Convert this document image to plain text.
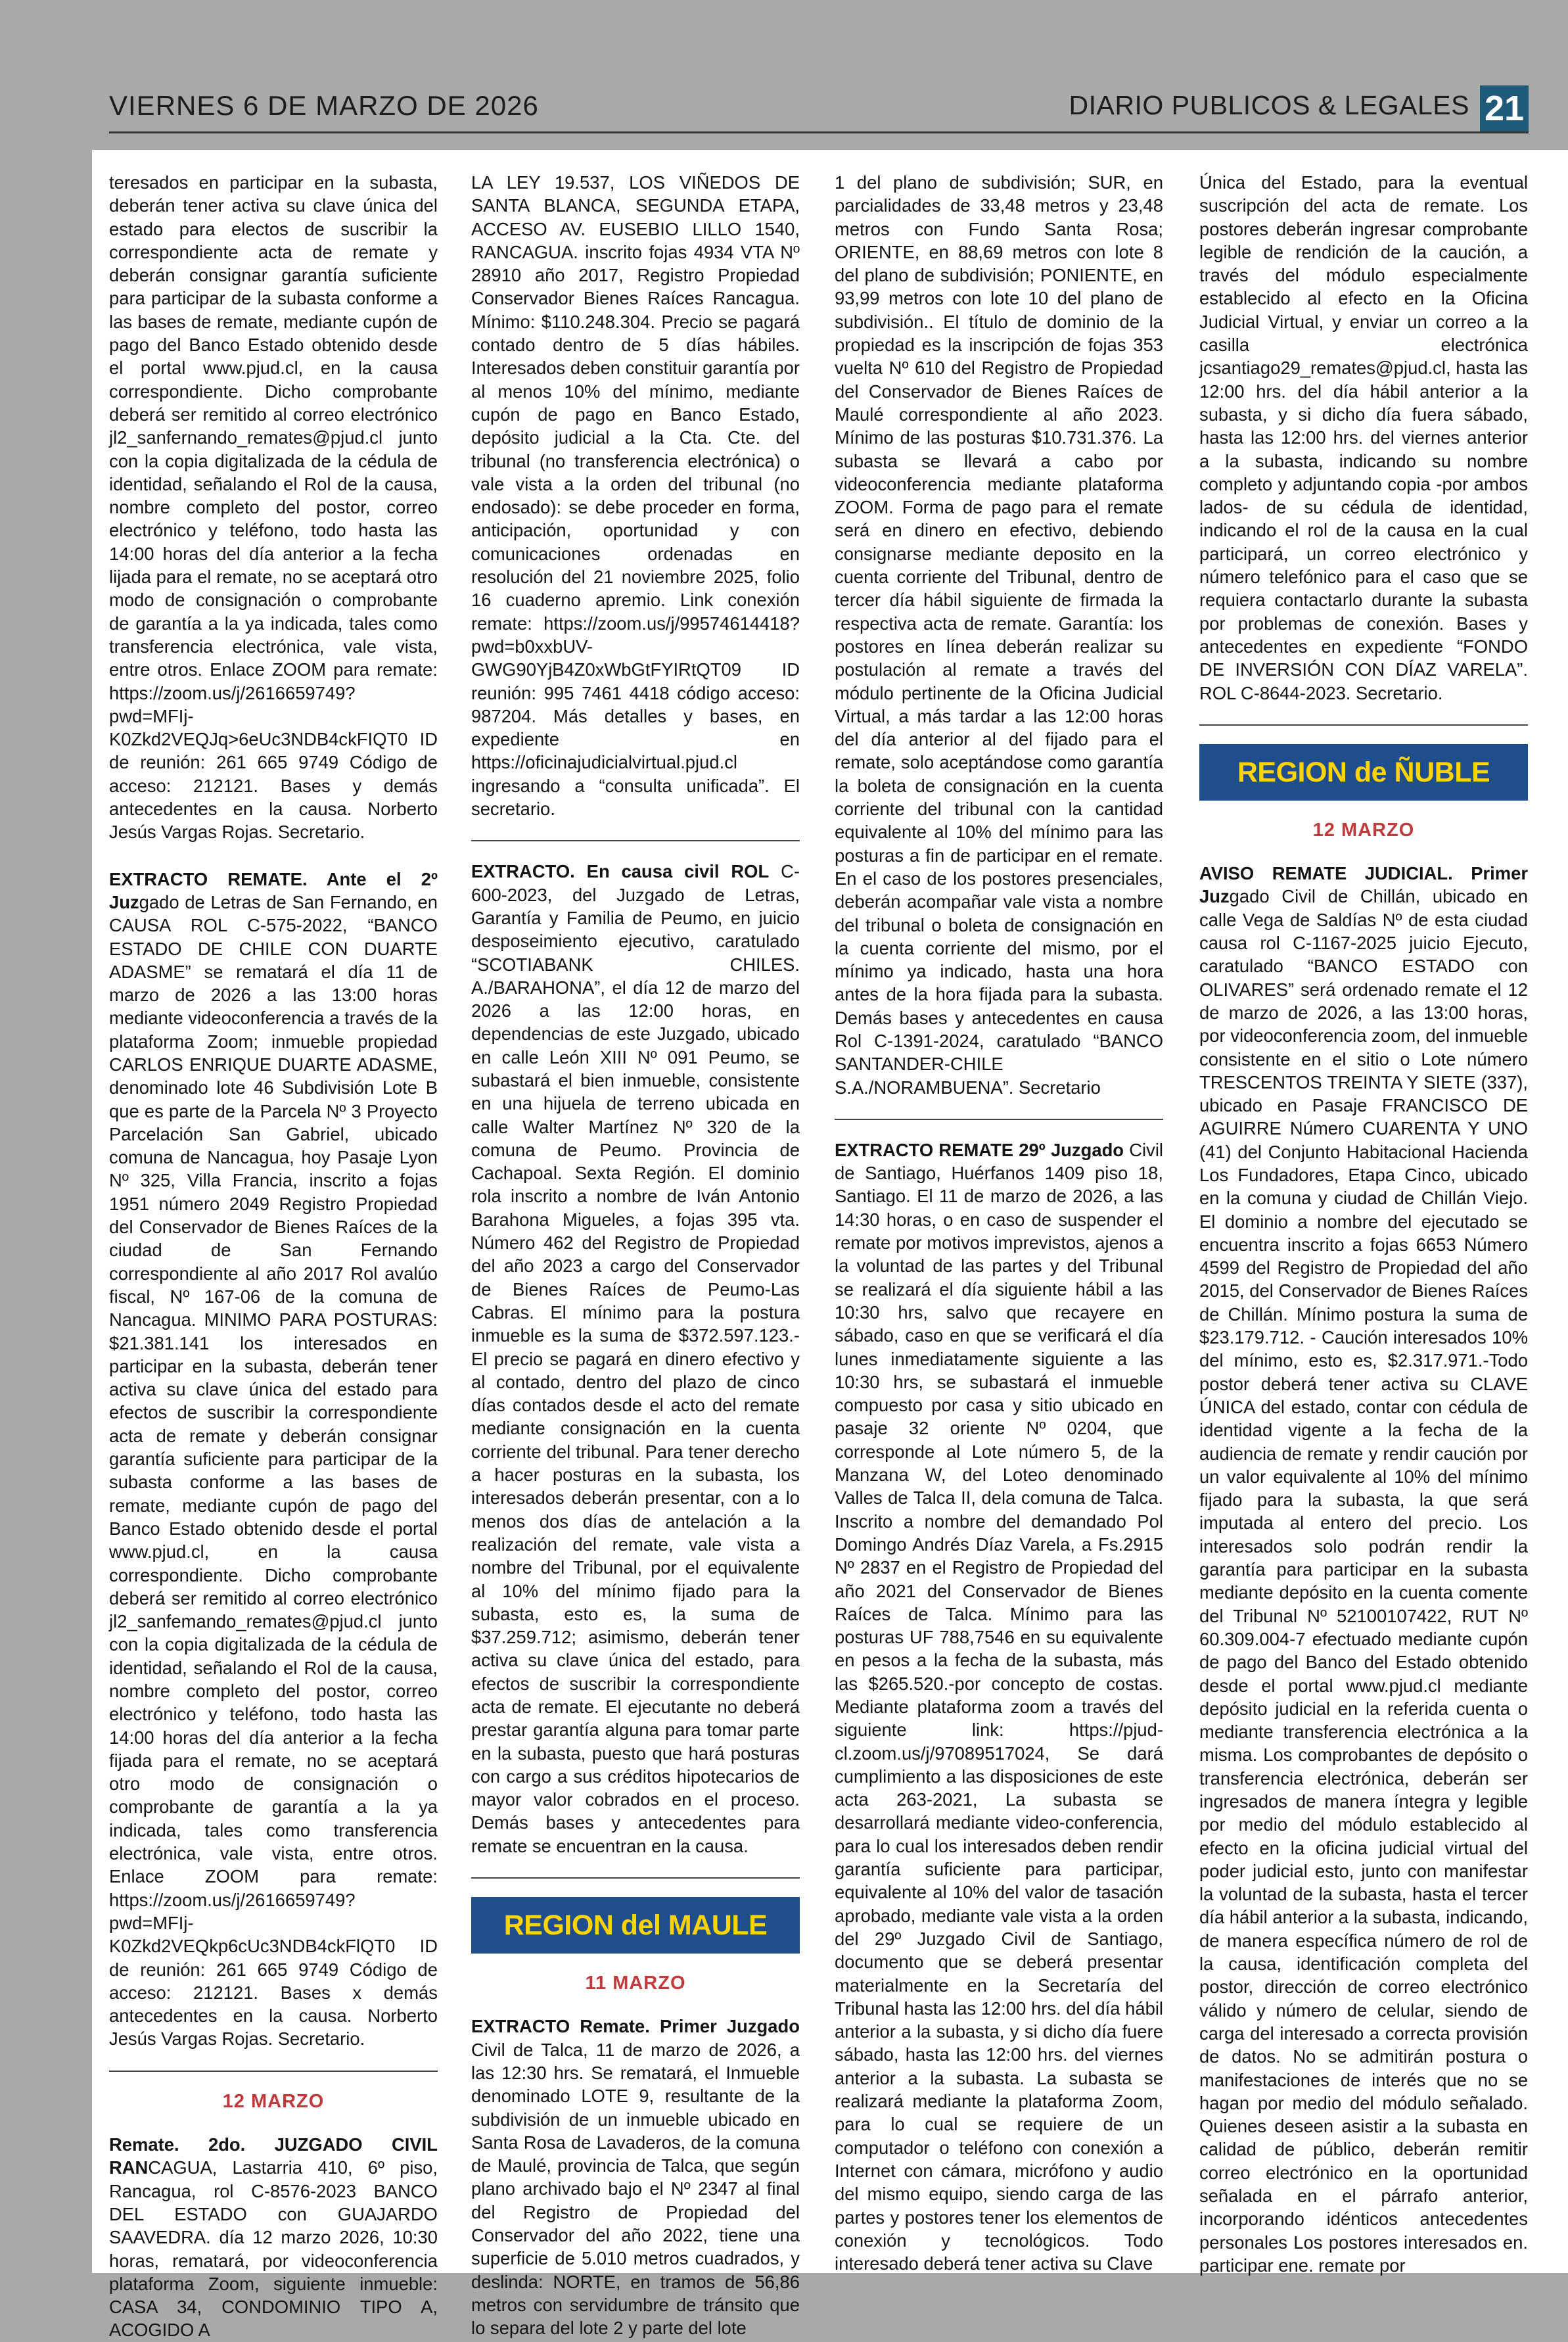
VIERNES 6 DE MARZO DE 2026	DIARIO PUBLICOS & LEGALES 21

teresados en participar en la subasta, deberán tener activa su clave única del estado para electos de suscribir la correspondiente acta de remate y deberán consignar garantía suficiente para participar de la subasta conforme a las bases de remate, mediante cupón de pago del Banco Estado obtenido desde el portal www.pjud.cl, en la causa correspondiente. Dicho comprobante deberá ser remitido al correo electrónico jl2_sanfernando_remates@pjud.cl junto con la copia digitalizada de la cédula de identidad, señalando el Rol de la causa, nombre completo del postor, correo electrónico y teléfono, todo hasta las 14:00 horas del día anterior a la fecha lijada para el remate, no se aceptará otro modo de consignación o comprobante de garantía a la ya indicada, tales como transferencia electrónica, vale vista, entre otros. Enlace ZOOM para remate: https://zoom.us/j/2616659749?pwd=MFIj-K0Zkd2VEQJq>6eUc3NDB4ckFIQT0 ID de reunión: 261 665 9749 Código de acceso: 212121. Bases y demás antecedentes en la causa. Norberto Jesús Vargas Rojas. Secretario.

EXTRACTO REMATE. Ante el 2º Juzgado de Letras de San Fernando, en CAUSA ROL C-575-2022, “BANCO ESTADO DE CHILE CON DUARTE ADASME” se rematará el día 11 de marzo de 2026 a las 13:00 horas mediante videoconferencia a través de la plataforma Zoom; inmueble propiedad CARLOS ENRIQUE DUARTE ADASME, denominado lote 46 Subdivisión Lote B que es parte de la Parcela Nº 3 Proyecto Parcelación San Gabriel, ubicado comuna de Nancagua, hoy Pasaje Lyon Nº 325, Villa Francia, inscrito a fojas 1951 número 2049 Registro Propiedad del Conservador de Bienes Raíces de la ciudad de San Fernando correspondiente al año 2017 Rol avalúo fiscal, Nº 167-06 de la comuna de Nancagua. MINIMO PARA POSTURAS: $21.381.141 los interesados en participar en la subasta, deberán tener activa su clave única del estado para efectos de suscribir la correspondiente acta de remate y deberán consignar garantía suficiente para participar de la subasta conforme a las bases de remate, mediante cupón de pago del Banco Estado obtenido desde el portal www.pjud.cl, en la causa correspondiente. Dicho comprobante deberá ser remitido al correo electrónico jl2_sanfemando_remates@pjud.cl junto con la copia digitalizada de la cédula de identidad, señalando el Rol de la causa, nombre completo del postor, correo electrónico y teléfono, todo hasta las 14:00 horas del día anterior a la fecha fijada para el remate, no se aceptará otro modo de consignación o comprobante de garantía a la ya indicada, tales como transferencia electrónica, vale vista, entre otros. Enlace ZOOM para remate: https://zoom.us/j/2616659749?pwd=MFIj-K0Zkd2VEQkp6cUc3NDB4ckFlQT0 ID de reunión: 261 665 9749 Código de acceso: 212121. Bases x demás antecedentes en la causa. Norberto Jesús Vargas Rojas. Secretario.

12 MARZO

Remate. 2do. JUZGADO CIVIL RANCAGUA, Lastarria 410, 6º piso, Rancagua, rol C-8576-2023 BANCO DEL ESTADO con GUAJARDO SAAVEDRA. día 12 marzo 2026, 10:30 horas, rematará, por videoconferencia plataforma Zoom, siguiente inmueble: CASA 34, CONDOMINIO TIPO A, ACOGIDO A

LA LEY 19.537, LOS VIÑEDOS DE SANTA BLANCA, SEGUNDA ETAPA, ACCESO AV. EUSEBIO LILLO 1540, RANCAGUA. inscrito fojas 4934 VTA Nº 28910 año 2017, Registro Propiedad Conservador Bienes Raíces Rancagua. Mínimo: $110.248.304. Precio se pagará contado dentro de 5 días hábiles. Interesados deben constituir garantía por al menos 10% del mínimo, mediante cupón de pago en Banco Estado, depósito judicial a la Cta. Cte. del tribunal (no transferencia electrónica) o vale vista a la orden del tribunal (no endosado): se debe proceder en forma, anticipación, oportunidad y con comunicaciones ordenadas en resolución del 21 noviembre 2025, folio 16 cuaderno apremio. Link conexión remate: https://zoom.us/j/99574614418?pwd=b0xxbUV-GWG90YjB4Z0xWbGtFYIRtQT09 ID reunión: 995 7461 4418 código acceso: 987204. Más detalles y bases, en expediente en https://oficinajudicialvirtual.pjud.cl ingresando a “consulta unificada”. El secretario.

EXTRACTO. En causa civil ROL C-600-2023, del Juzgado de Letras, Garantía y Familia de Peumo, en juicio desposeimiento ejecutivo, caratulado “SCOTIABANK CHILES. A./BARAHONA”, el día 12 de marzo del 2026 a las 12:00 horas, en dependencias de este Juzgado, ubicado en calle León XIII Nº 091 Peumo, se subastará el bien inmueble, consistente en una hijuela de terreno ubicada en calle Walter Martínez Nº 320 de la comuna de Peumo. Provincia de Cachapoal. Sexta Región. El dominio rola inscrito a nombre de Iván Antonio Barahona Migueles, a fojas 395 vta. Número 462 del Registro de Propiedad del año 2023 a cargo del Conservador de Bienes Raíces de Peumo-Las Cabras. El mínimo para la postura inmueble es la suma de $372.597.123.- El precio se pagará en dinero efectivo y al contado, dentro del plazo de cinco días contados desde el acto del remate mediante consignación en la cuenta corriente del tribunal. Para tener derecho a hacer posturas en la subasta, los interesados deberán presentar, con a lo menos dos días de antelación a la realización del remate, vale vista a nombre del Tribunal, por el equivalente al 10% del mínimo fijado para la subasta, esto es, la suma de $37.259.712; asimismo, deberán tener activa su clave única del estado, para efectos de suscribir la correspondiente acta de remate. El ejecutante no deberá prestar garantía alguna para tomar parte en la subasta, puesto que hará posturas con cargo a sus créditos hipotecarios de mayor valor cobrados en el proceso. Demás bases y antecedentes para remate se encuentran en la causa.

REGION del MAULE
11 MARZO

EXTRACTO Remate. Primer Juzgado Civil de Talca, 11 de marzo de 2026, a las 12:30 hrs. Se rematará, el Inmueble denominado LOTE 9, resultante de la subdivisión de un inmueble ubicado en Santa Rosa de Lavaderos, de la comuna de Maulé, provincia de Talca, que según plano archivado bajo el Nº 2347 al final del Registro de Propiedad del Conservador del año 2022, tiene una superficie de 5.010 metros cuadrados, y deslinda: NORTE, en tramos de 56,86 metros con servidumbre de tránsito que lo separa del lote 2 y parte del lote

1 del plano de subdivisión; SUR, en parcialidades de 33,48 metros y 23,48 metros con Fundo Santa Rosa; ORIENTE, en 88,69 metros con lote 8 del plano de subdivisión; PONIENTE, en 93,99 metros con lote 10 del plano de subdivisión.. El título de dominio de la propiedad es la inscripción de fojas 353 vuelta Nº 610 del Registro de Propiedad del Conservador de Bienes Raíces de Maulé correspondiente al año 2023. Mínimo de las posturas $10.731.376. La subasta se llevará a cabo por videoconferencia mediante plataforma ZOOM. Forma de pago para el remate será en dinero en efectivo, debiendo consignarse mediante deposito en la cuenta corriente del Tribunal, dentro de tercer día hábil siguiente de firmada la respectiva acta de remate. Garantía: los postores en línea deberán realizar su postulación al remate a través del módulo pertinente de la Oficina Judicial Virtual, a más tardar a las 12:00 horas del día anterior al del fijado para el remate, solo aceptándose como garantía la boleta de consignación en la cuenta corriente del tribunal con la cantidad equivalente al 10% del mínimo para las posturas a fin de participar en el remate. En el caso de los postores presenciales, deberán acompañar vale vista a nombre del tribunal o boleta de consignación en la cuenta corriente del mismo, por el mínimo ya indicado, hasta una hora antes de la hora fijada para la subasta. Demás bases y antecedentes en causa Rol C-1391-2024, caratulado “BANCO SANTANDER-CHILE S.A./NORAMBUENA”. Secretario

EXTRACTO REMATE 29º Juzgado Civil de Santiago, Huérfanos 1409 piso 18, Santiago. El 11 de marzo de 2026, a las 14:30 horas, o en caso de suspender el remate por motivos imprevistos, ajenos a la voluntad de las partes y del Tribunal se realizará el día siguiente hábil a las 10:30 hrs, salvo que recayere en sábado, caso en que se verificará el día lunes inmediatamente siguiente a las 10:30 hrs, se subastará el inmueble compuesto por casa y sitio ubicado en pasaje 32 oriente Nº 0204, que corresponde al Lote número 5, de la Manzana W, del Loteo denominado Valles de Talca II, dela comuna de Talca. Inscrito a nombre del demandado Pol Domingo Andrés Díaz Varela, a Fs.2915 Nº 2837 en el Registro de Propiedad del año 2021 del Conservador de Bienes Raíces de Talca. Mínimo para las posturas UF 788,7546 en su equivalente en pesos a la fecha de la subasta, más las $265.520.-por concepto de costas. Mediante plataforma zoom a través del siguiente link: https://pjud-cl.zoom.us/j/97089517024, Se dará cumplimiento a las disposiciones de este acta 263-2021, La subasta se desarrollará mediante video-conferencia, para lo cual los interesados deben rendir garantía suficiente para participar, equivalente al 10% del valor de tasación aprobado, mediante vale vista a la orden del 29º Juzgado Civil de Santiago, documento que se deberá presentar materialmente en la Secretaría del Tribunal hasta las 12:00 hrs. del día hábil anterior a la subasta, y si dicho día fuere sábado, hasta las 12:00 hrs. del viernes anterior a la subasta. La subasta se realizará mediante la plataforma Zoom, para lo cual se requiere de un computador o teléfono con conexión a Internet con cámara, micrófono y audio del mismo equipo, siendo carga de las partes y postores tener los elementos de conexión y tecnológicos. Todo interesado deberá tener activa su Clave

Única del Estado, para la eventual suscripción del acta de remate. Los postores deberán ingresar comprobante legible de rendición de la caución, a través del módulo especialmente establecido al efecto en la Oficina Judicial Virtual, y enviar un correo a la casilla electrónica jcsantiago29_remates@pjud.cl, hasta las 12:00 hrs. del día hábil anterior a la subasta, y si dicho día fuera sábado, hasta las 12:00 hrs. del viernes anterior a la subasta, indicando su nombre completo y adjuntando copia -por ambos lados- de su cédula de identidad, indicando el rol de la causa en la cual participará, un correo electrónico y número telefónico para el caso que se requiera contactarlo durante la subasta por problemas de conexión. Bases y antecedentes en expediente “FONDO DE INVERSIÓN CON DÍAZ VARELA”. ROL C-8644-2023. Secretario.

REGION de ÑUBLE
12 MARZO

AVISO REMATE JUDICIAL. Primer Juzgado Civil de Chillán, ubicado en calle Vega de Saldías Nº de esta ciudad causa rol C-1167-2025 juicio Ejecuto, caratulado “BANCO ESTADO con OLIVARES” será ordenado remate el 12 de marzo de 2026, a las 13:00 horas, por videoconferencia zoom, del inmueble consistente en el sitio o Lote número TRESCENTOS TREINTA Y SIETE (337), ubicado en Pasaje FRANCISCO DE AGUIRRE Número CUARENTA Y UNO (41) del Conjunto Habitacional Hacienda Los Fundadores, Etapa Cinco, ubicado en la comuna y ciudad de Chillán Viejo. El dominio a nombre del ejecutado se encuentra inscrito a fojas 6653 Número 4599 del Registro de Propiedad del año 2015, del Conservador de Bienes Raíces de Chillán. Mínimo postura la suma de $23.179.712. - Caución interesados 10% del mínimo, esto es, $2.317.971.-Todo postor deberá tener activa su CLAVE ÚNICA del estado, contar con cédula de identidad vigente a la fecha de la audiencia de remate y rendir caución por un valor equivalente al 10% del mínimo fijado para la subasta, la que será imputada al entero del precio. Los interesados solo podrán rendir la garantía para participar en la subasta mediante depósito en la cuenta comente del Tribunal Nº 52100107422, RUT Nº 60.309.004-7 efectuado mediante cupón de pago del Banco del Estado obtenido desde el portal www.pjud.cl mediante depósito judicial en la referida cuenta o mediante transferencia electrónica a la misma. Los comprobantes de depósito o transferencia electrónica, deberán ser ingresados de manera íntegra y legible por medio del módulo establecido al efecto en la oficina judicial virtual del poder judicial esto, junto con manifestar la voluntad de la subasta, hasta el tercer día hábil anterior a la subasta, indicando, de manera específica número de rol de la causa, identificación completa del postor, dirección de correo electrónico válido y número de celular, siendo de carga del interesado a correcta provisión de datos. No se admitirán postura o manifestaciones de interés que no se hagan por medio del módulo señalado. Quienes deseen asistir a la subasta en calidad de público, deberán remitir correo electrónico en la oportunidad señalada en el párrafo anterior, incorporando idénticos antecedentes personales Los postores interesados en. participar ene. remate por
